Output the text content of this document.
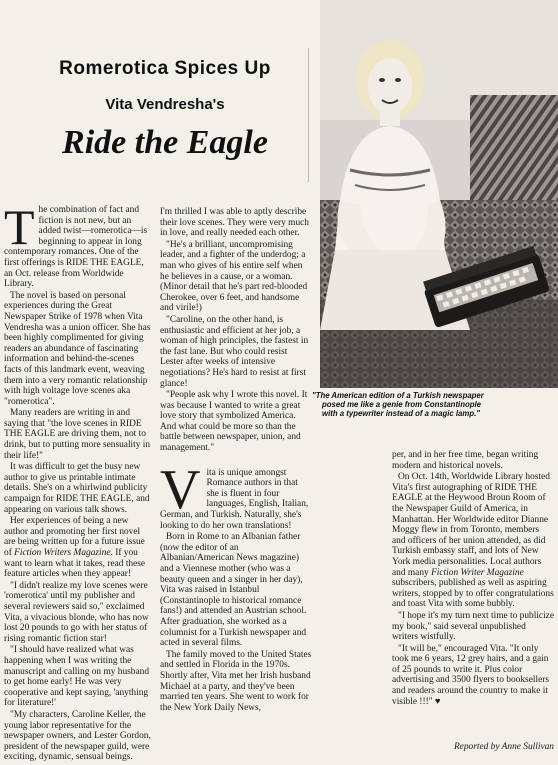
Romerotica Spices Up
Vita Vendresha's
Ride the Eagle
"The American edition of a Turkish newspaper
posed me like a genie from Constantinople
with a typewriter instead of a magic lamp."

The combination of fact and fiction is not new, but an added twist—romerotica—is beginning to appear in long contemporary romances. One of the first offerings is RIDE THE EAGLE, an Oct. release from Worldwide Library.

The novel is based on personal experiences during the Great Newspaper Strike of 1978 when Vita Vendresha was a union officer. She has been highly complimented for giving readers an abundance of fascinating information and behind-the-scenes facts of this landmark event, weaving them into a very romantic relationship with high voltage love scenes aka "romerotica".

Many readers are writing in and saying that "the love scenes in RIDE THE EAGLE are driving them, not to drink, but to putting more sensuality in their life!"

It was difficult to get the busy new author to give us printable intimate details. She's on a whirlwind publicity campaign for RIDE THE EAGLE, and appearing on various talk shows.

Her experiences of being a new author and promoting her first novel are being written up for a future issue of Fiction Writers Magazine. If you want to learn what it takes, read these feature articles when they appear!

"I didn't realize my love scenes were 'romerotica' until my publisher and several reviewers said so," exclaimed Vita, a vivacious blonde, who has now lost 20 pounds to go with her status of rising romantic fiction star!

"I should have realized what was happening when I was writing the manuscript and calling on my husband to get home early! He was very cooperative and kept saying, 'anything for literature!'

"My characters, Caroline Keller, the young labor representative for the newspaper owners, and Lester Gordon, president of the newspaper guild, were exciting, dynamic, sensual beings.

I'm thrilled I was able to aptly describe their love scenes. They were very much in love, and really needed each other.

"He's a brilliant, uncompromising leader, and a fighter of the underdog; a man who gives of his entire self when he believes in a cause, or a woman. (Minor detail that he's part red-blooded Cherokee, over 6 feet, and handsome and virile!)

"Caroline, on the other hand, is enthusiastic and efficient at her job, a woman of high principles, the fastest in the fast lane. But who could resist Lester after weeks of intensive negotiations? He's hard to resist at first glance!

"People ask why I wrote this novel. It was because I wanted to write a great love story that symbolized America. And what could be more so than the battle between newspaper, union, and management."

Vita is unique amongst Romance authors in that she is fluent in four languages, English, Italian, German, and Turkish. Naturally, she's looking to do her own translations!

Born in Rome to an Albanian father (now the editor of an Albanian/American News magazine) and a Viennese mother (who was a beauty queen and a singer in her day), Vita was raised in Istanbul (Constantinople to historical romance fans!) and attended an Austrian school. After graduation, she worked as a columnist for a Turkish newspaper and acted in several films.

The family moved to the United States and settled in Florida in the 1970s. Shortly after, Vita met her Irish husband Michael at a party, and they've been married ten years. She went to work for the New York Daily News,

per, and in her free time, began writing modern and historical novels.

On Oct. 14th, Worldwide Library hosted Vita's first autographing of RIDE THE EAGLE at the Heywood Broun Room of the Newspaper Guild of America, in Manhattan. Her Worldwide editor Dianne Moggy flew in from Toronto, members and officers of her union attended, as did Turkish embassy staff, and lots of New York media personalities. Local authors and many Fiction Writer Magazine subscribers, published as well as aspiring writers, stopped by to offer congratulations and toast Vita with some bubbly.

"I hope it's my turn next time to publicize my book," said several unpublished writers wistfully.

"It will be," encouraged Vita. "It only took me 6 years, 12 grey hairs, and a gain of 25 pounds to write it. Plus color advertising and 3500 flyers to booksellers and readers around the country to make it visible !!!" ♥

Reported by Anne Sullivan
